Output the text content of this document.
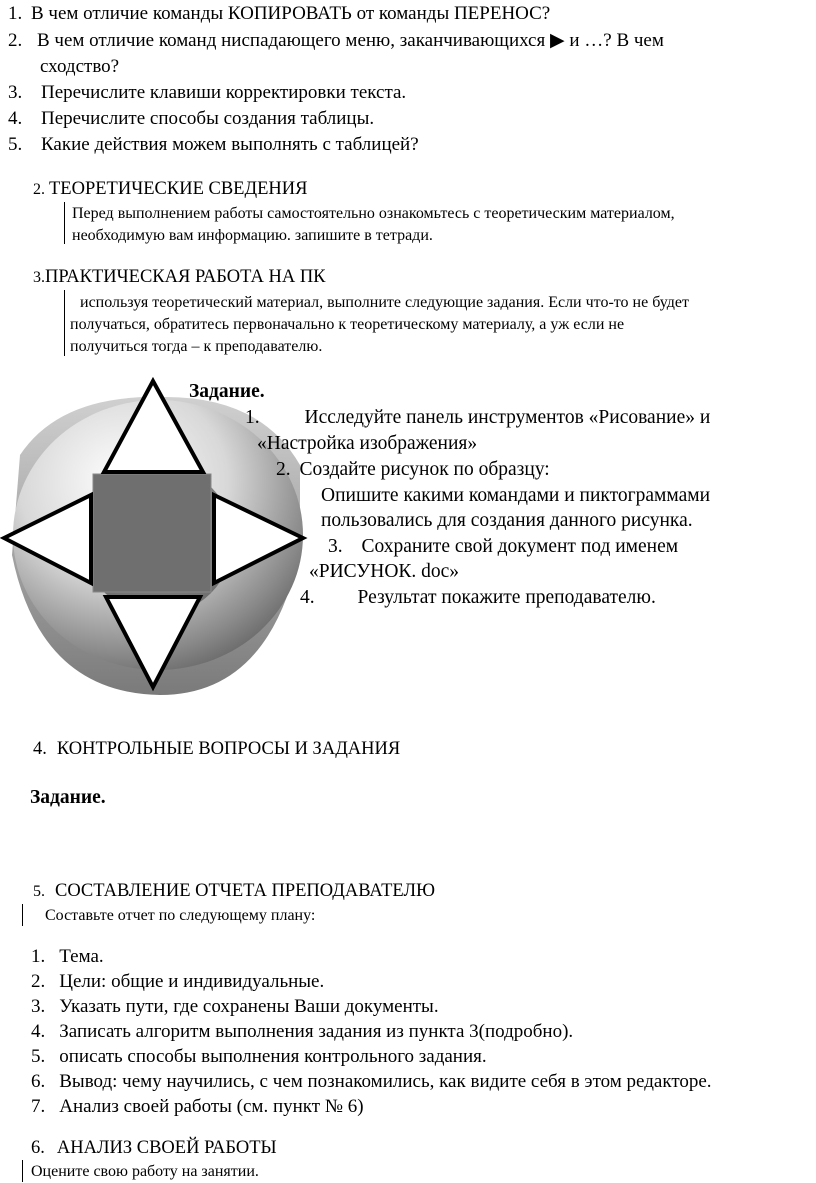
1. В чем отличие команды КОПИРОВАТЬ от команды ПЕРЕНОС?
2. В чем отличие команд ниспадающего меню, заканчивающихся ▶ и …? В чем
сходство?
3. Перечислите клавиши корректировки текста.
4. Перечислите способы создания таблицы.
5. Какие действия можем выполнять с таблицей?
2. ТЕОРЕТИЧЕСКИЕ СВЕДЕНИЯ
Перед выполнением работы самостоятельно ознакомьтесь с теоретическим материалом,
необходимую вам информацию. запишите в тетради.
3.ПРАКТИЧЕСКАЯ РАБОТА НА ПК
используя теоретический материал, выполните следующие задания. Если что-то не будет
получаться, обратитесь первоначально к теоретическому материалу, а уж если не
получиться тогда – к преподавателю.
Задание.
1. Исследуйте панель инструментов «Рисование» и
«Настройка изображения»
2. Создайте рисунок по образцу:
Опишите какими командами и пиктограммами
пользовались для создания данного рисунка.
3. Сохраните свой документ под именем
«РИСУНОК. doc»
4. Результат покажите преподавателю.
4. КОНТРОЛЬНЫЕ ВОПРОСЫ И ЗАДАНИЯ
Задание.
5. СОСТАВЛЕНИЕ ОТЧЕТА ПРЕПОДАВАТЕЛЮ
Составьте отчет по следующему плану:
1. Тема.
2. Цели: общие и индивидуальные.
3. Указать пути, где сохранены Ваши документы.
4. Записать алгоритм выполнения задания из пункта 3(подробно).
5. описать способы выполнения контрольного задания.
6. Вывод: чему научились, с чем познакомились, как видите себя в этом редакторе.
7. Анализ своей работы (см. пункт № 6)
6. АНАЛИЗ СВОЕЙ РАБОТЫ
Оцените свою работу на занятии.
